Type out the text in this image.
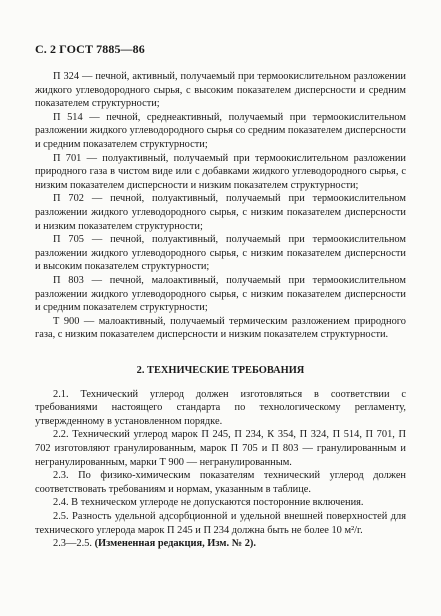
С. 2 ГОСТ 7885—86

П 324 — печной, активный, получаемый при термоокислительном разложении жидкого углеводородного сырья, с высоким показателем дисперсности и средним показателем структурности;

П 514 — печной, среднеактивный, получаемый при термоокислительном разложении жидкого углеводородного сырья со средним показателем дисперсности и средним показателем структурности;

П 701 — полуактивный, получаемый при термоокислительном разложении природного газа в чистом виде или с добавками жидкого углеводородного сырья, с низким показателем дисперсности и низким показателем структурности;

П 702 — печной, полуактивный, получаемый при термоокислительном разложении жидкого углеводородного сырья, с низким показателем дисперсности и низким показателем структурности;

П 705 — печной, полуактивный, получаемый при термоокислительном разложении жидкого углеводородного сырья, с низким показателем дисперсности и высоким показателем структурности;

П 803 — печной, малоактивный, получаемый при термоокислительном разложении жидкого углеводородного сырья, с низким показателем дисперсности и средним показателем структурности;

Т 900 — малоактивный, получаемый термическим разложением природного газа, с низким показателем дисперсности и низким показателем структурности.

2. ТЕХНИЧЕСКИЕ ТРЕБОВАНИЯ

2.1. Технический углерод должен изготовляться в соответствии с требованиями настоящего стандарта по технологическому регламенту, утвержденному в установленном порядке.

2.2. Технический углерод марок П 245, П 234, К 354, П 324, П 514, П 701, П 702 изготовляют гранулированным, марок П 705 и П 803 — гранулированным и негранулированным, марки Т 900 — негранулированным.

2.3. По физико-химическим показателям технический углерод должен соответствовать требованиям и нормам, указанным в таблице.

2.4. В техническом углероде не допускаются посторонние включения.

2.5. Разность удельной адсорбционной и удельной внешней поверхностей для технического углерода марок П 245 и П 234 должна быть не более 10 м²/г.

2.3—2.5. (Измененная редакция, Изм. № 2).
